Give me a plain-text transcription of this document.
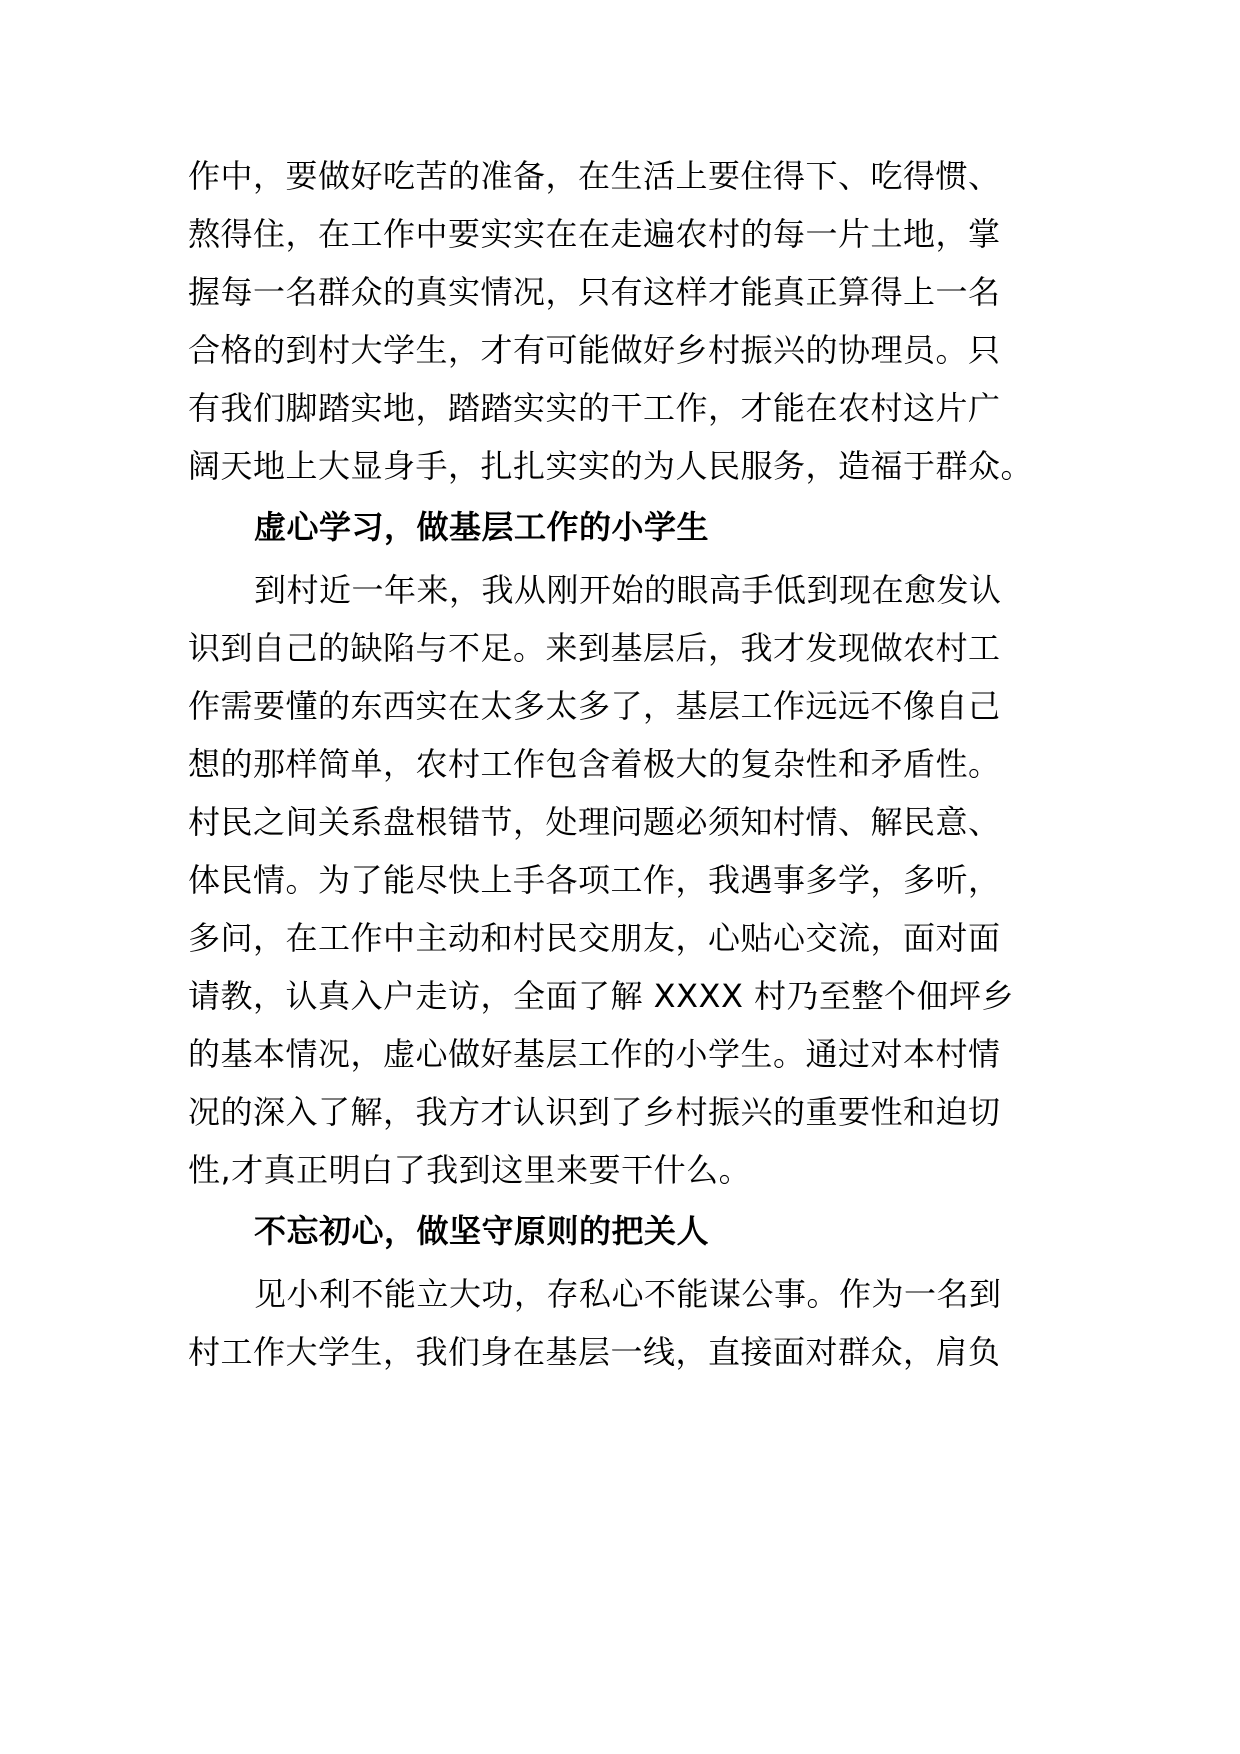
作中，要做好吃苦的准备，在生活上要住得下、吃得惯、
熬得住，在工作中要实实在在走遍农村的每一片土地，掌
握每一名群众的真实情况，只有这样才能真正算得上一名
合格的到村大学生，才有可能做好乡村振兴的协理员。只
有我们脚踏实地，踏踏实实的干工作，才能在农村这片广
阔天地上大显身手，扎扎实实的为人民服务，造福于群众。
虚心学习，做基层工作的小学生
到村近一年来，我从刚开始的眼高手低到现在愈发认
识到自己的缺陷与不足。来到基层后，我才发现做农村工
作需要懂的东西实在太多太多了，基层工作远远不像自己
想的那样简单，农村工作包含着极大的复杂性和矛盾性。
村民之间关系盘根错节，处理问题必须知村情、解民意、
体民情。为了能尽快上手各项工作，我遇事多学，多听，
多问，在工作中主动和村民交朋友，心贴心交流，面对面
请教，认真入户走访，全面了解 XXXX 村乃至整个佃坪乡
的基本情况，虚心做好基层工作的小学生。通过对本村情
况的深入了解，我方才认识到了乡村振兴的重要性和迫切
性,才真正明白了我到这里来要干什么。
不忘初心，做坚守原则的把关人
见小利不能立大功，存私心不能谋公事。作为一名到
村工作大学生，我们身在基层一线，直接面对群众，肩负
